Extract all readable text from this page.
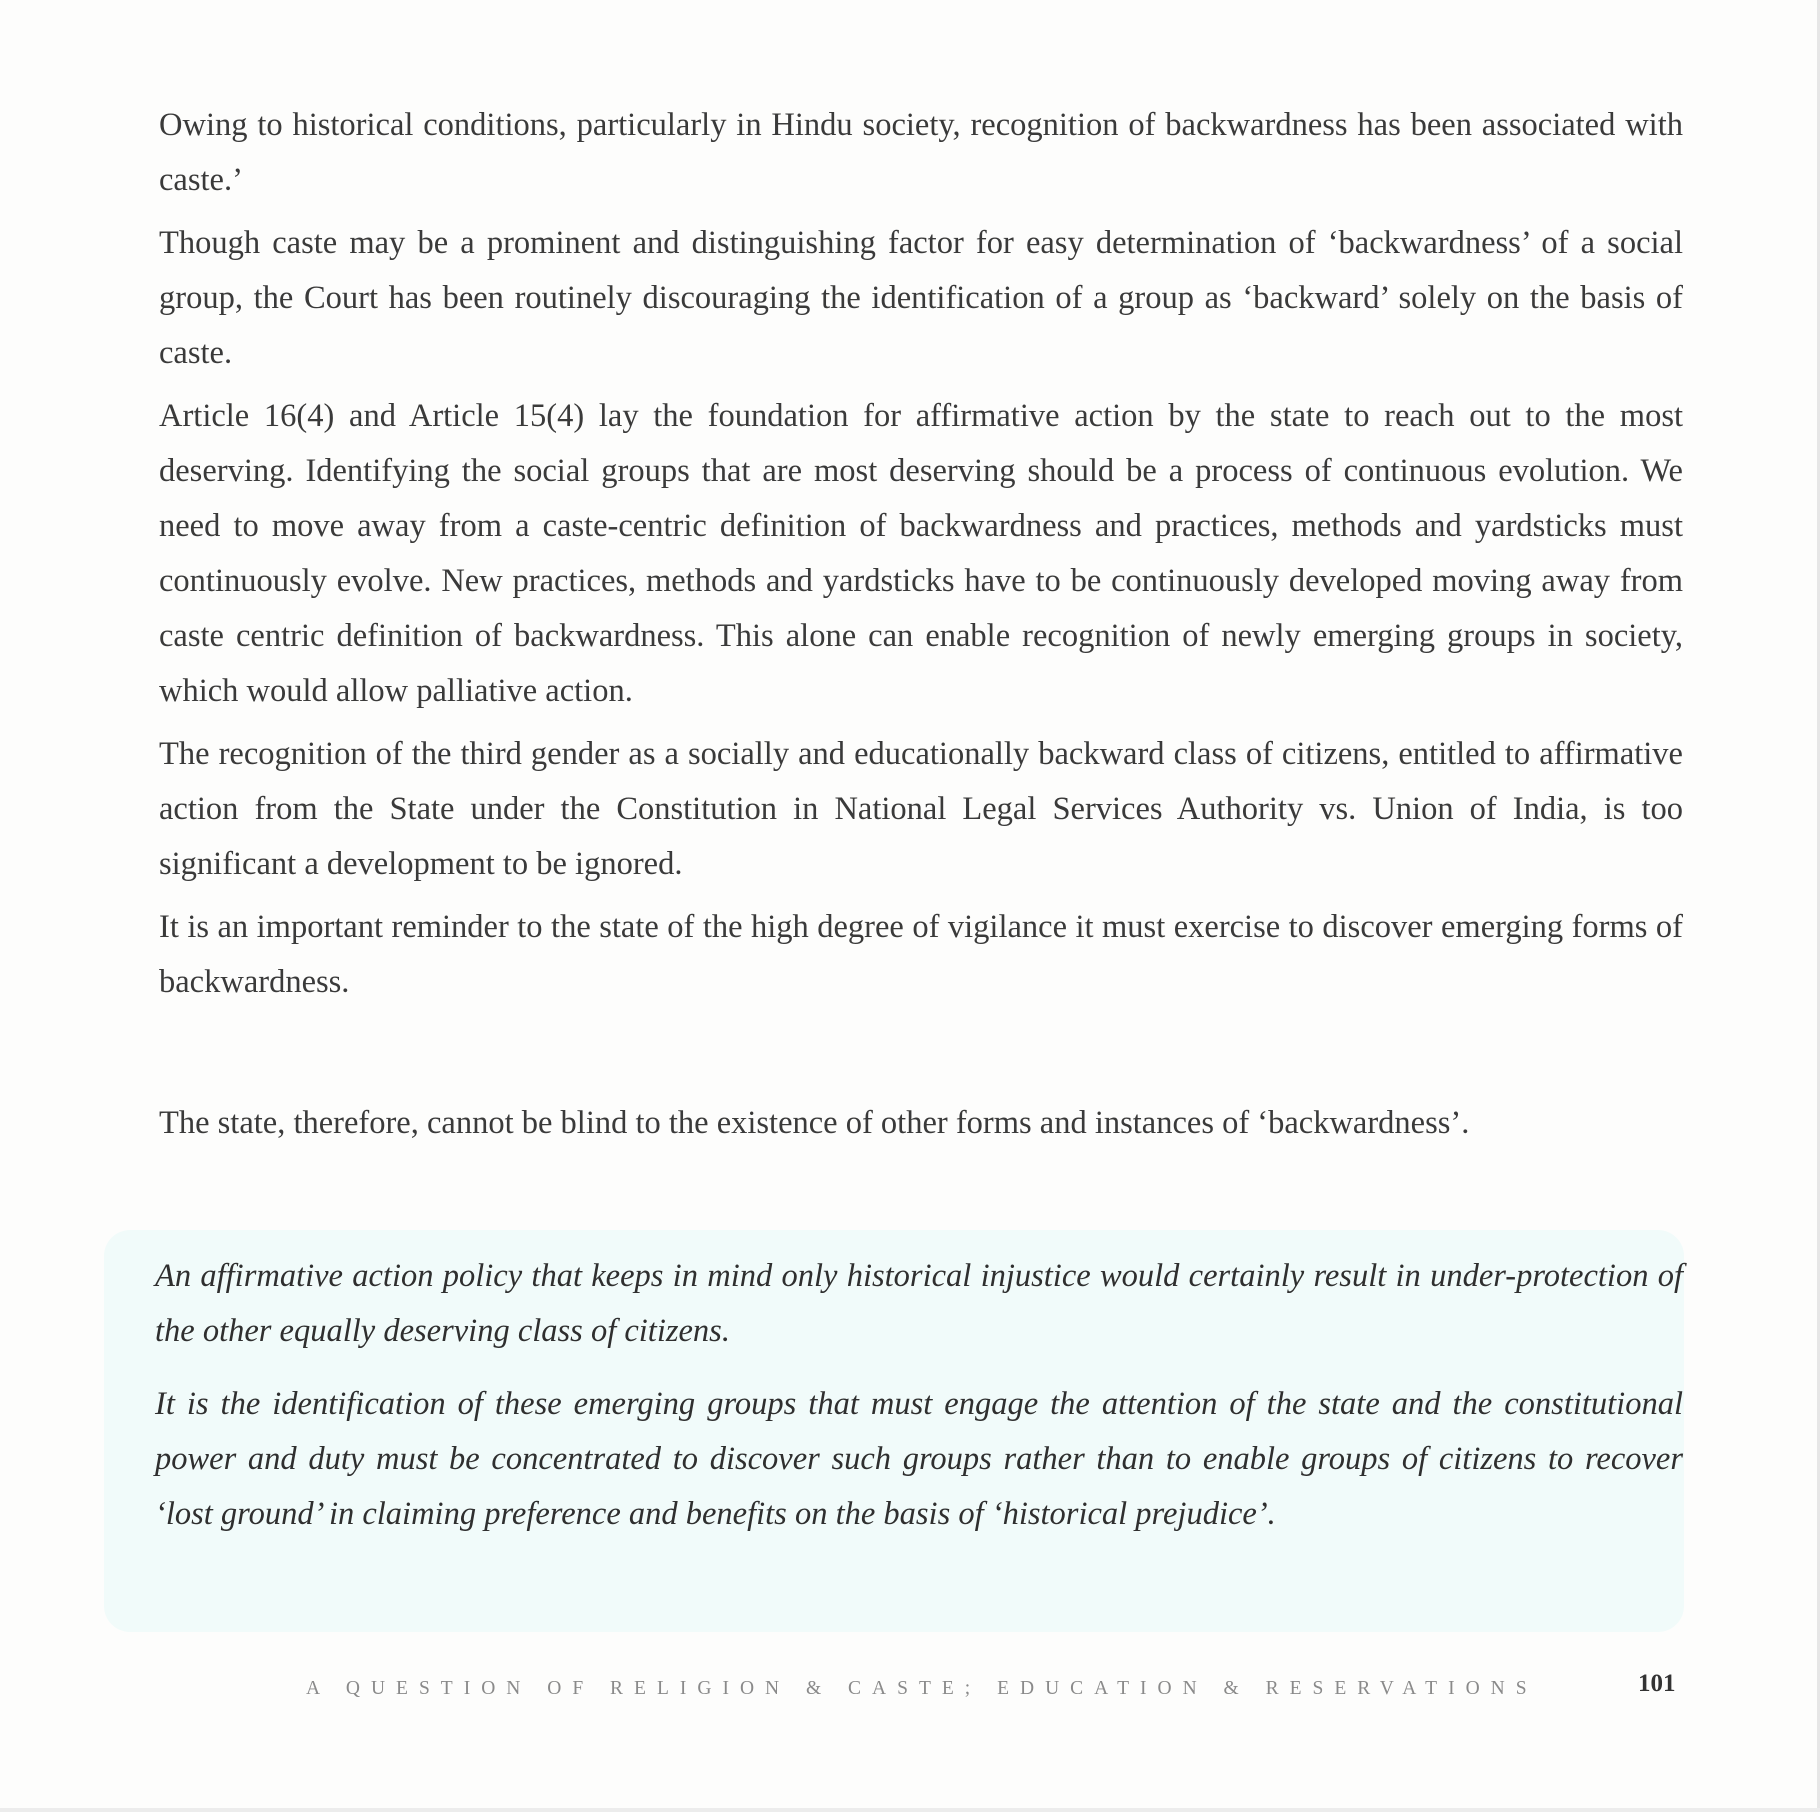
Owing to historical conditions, particularly in Hindu society, recognition of backwardness has been associated with caste.’

Though caste may be a prominent and distinguishing factor for easy determination of ‘backwardness’ of a social group, the Court has been routinely discouraging the identification of a group as ‘backward’ solely on the basis of caste.

Article 16(4) and Article 15(4) lay the foundation for affirmative action by the state to reach out to the most deserving. Identifying the social groups that are most deserving should be a process of continuous evolution. We need to move away from a caste-centric definition of backwardness and practices, methods and yardsticks must continuously evolve. New practices, methods and yardsticks have to be continuously developed moving away from caste centric definition of backwardness. This alone can enable recognition of newly emerging groups in society, which would allow palliative action.

The recognition of the third gender as a socially and educationally backward class of citizens, entitled to affirmative action from the State under the Constitution in National Legal Services Authority vs. Union of India, is too significant a development to be ignored.

It is an important reminder to the state of the high degree of vigilance it must exercise to discover emerging forms of backwardness.

The state, therefore, cannot be blind to the existence of other forms and instances of ‘backwardness’.

An affirmative action policy that keeps in mind only historical injustice would certainly result in under-protection of the other equally deserving class of citizens.

It is the identification of these emerging groups that must engage the attention of the state and the constitutional power and duty must be concentrated to discover such groups rather than to enable groups of citizens to recover ‘lost ground’ in claiming preference and benefits on the basis of ‘historical prejudice’.

A QUESTION OF RELIGION & CASTE; EDUCATION & RESERVATIONS	101
